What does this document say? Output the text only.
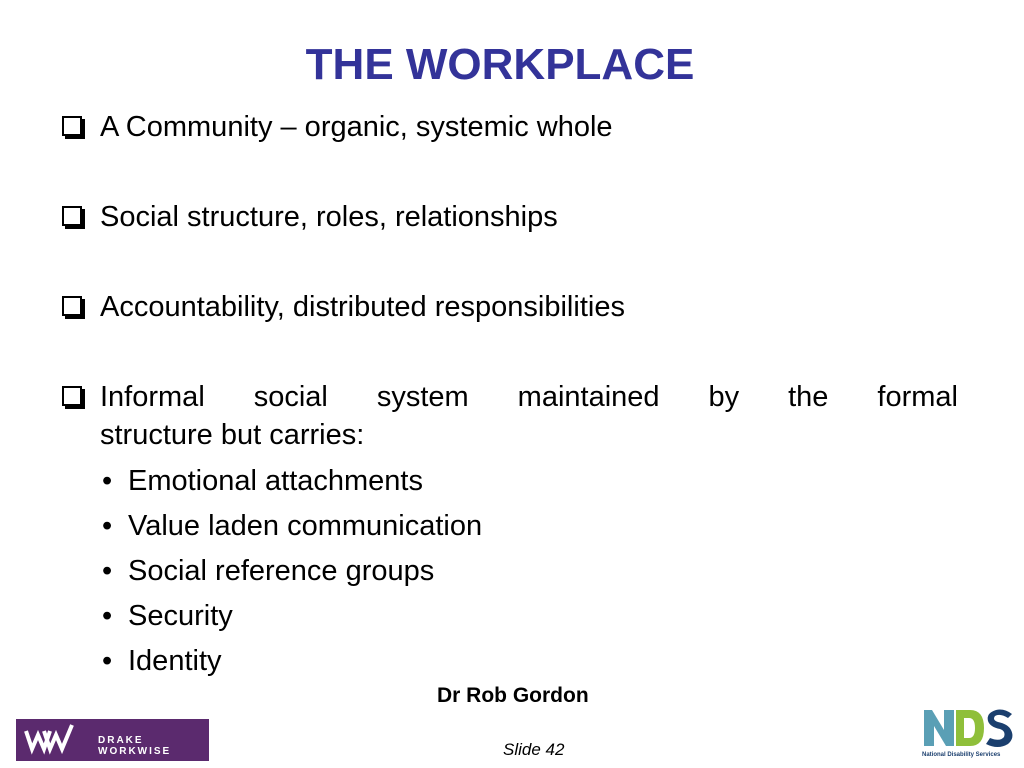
THE WORKPLACE
A Community – organic, systemic whole
Social structure, roles, relationships
Accountability, distributed responsibilities
Informal social system maintained by the formal
structure but carries:
• Emotional attachments
• Value laden communication
• Social reference groups
• Security
• Identity
Dr Rob Gordon
Slide 42
DRAKE WORKWISE	National Disability Services
